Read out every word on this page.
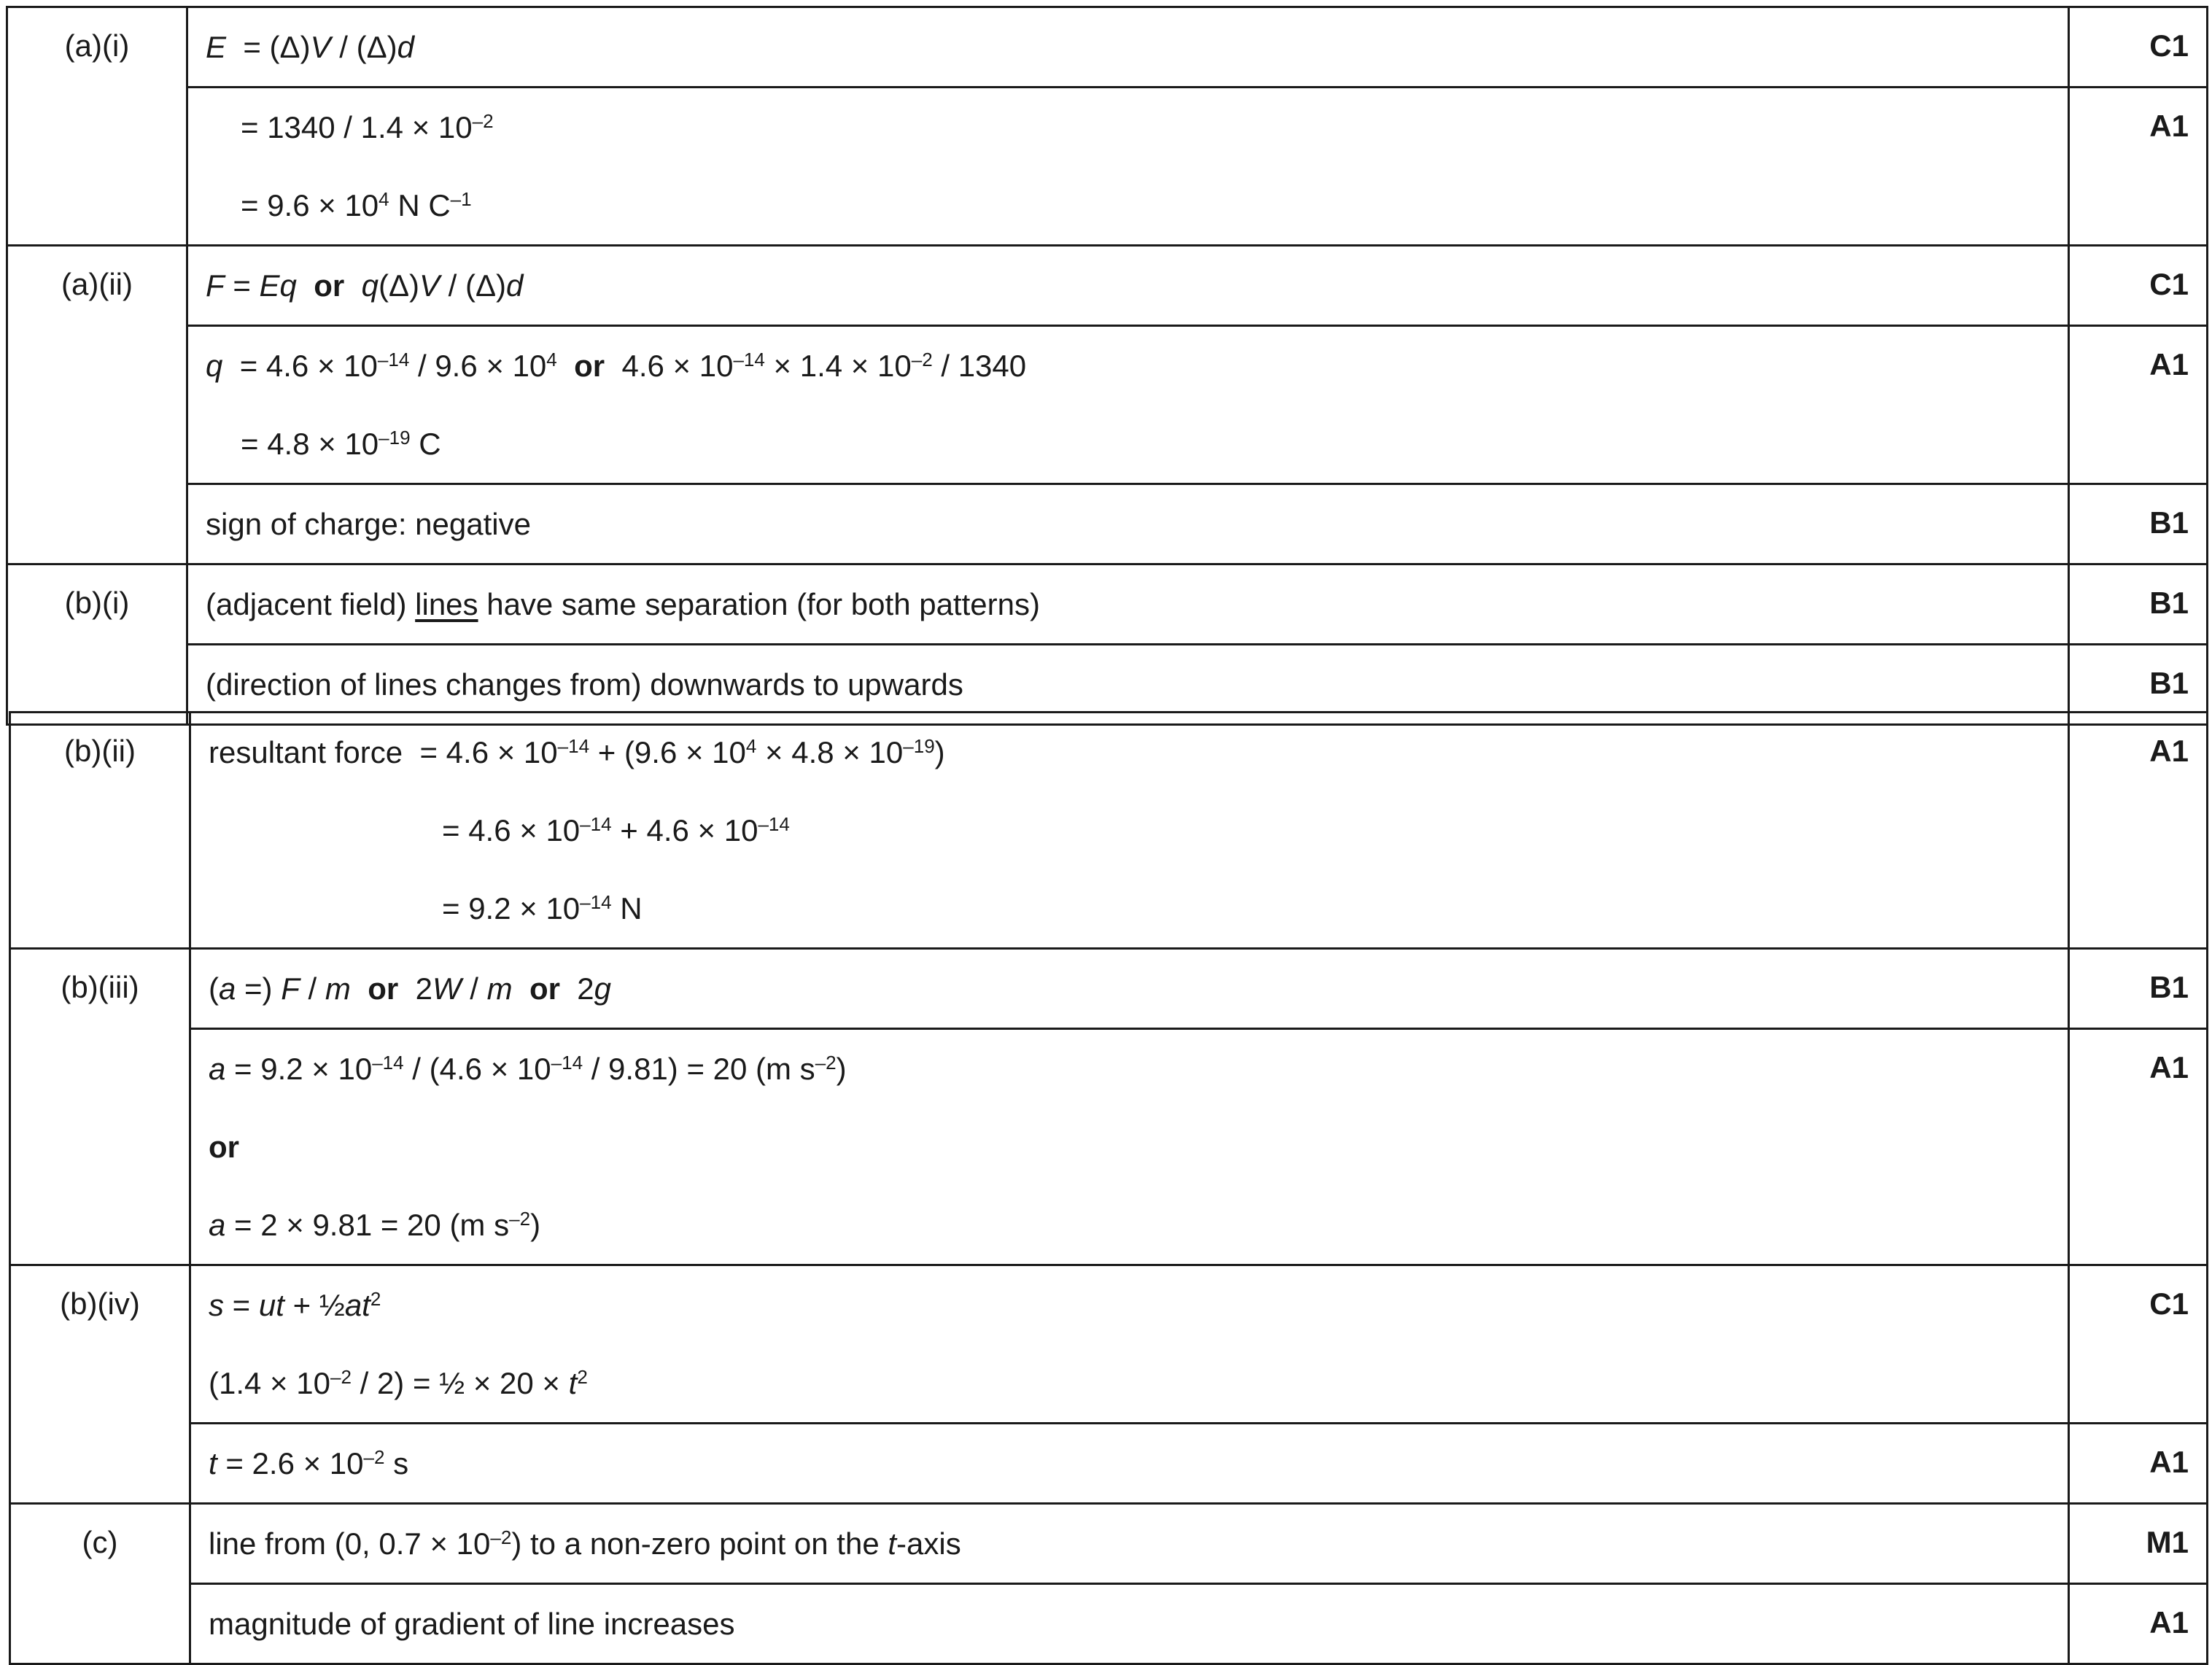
(a)(i)	E  = (Δ)V / (Δ)d	C1

	= $1340 / 1.4 \times 10^{-2}$
= $9.6 \times 10^4$ N $C^{-1}$	A1
(a)(ii)	F = Eq or q(Δ)V / (Δ)d	C1

	$q = 4.6 \times 10^{-14} / 9.6 \times 10^4$ or  $4.6 \times 10^{-14} \times 1.4 \times 10^{-2} / 1340$
= $4.8 \times 10^{-19}$ C	A1

	sign of charge: negative	B1
(b)(i)	(adjacent field) lines have same separation (for both patterns)	B1

	(direction of lines changes from) downwards to upwards	B1
(b)(ii)	resultant force  = $4.6 \times 10^{-14} + (9.6 \times 10^4 \times 4.8 \times 10^{-19})$
= $4.6 \times 10^{-14} + 4.6 \times 10^{-14}$
= $9.2 \times 10^{-14}$ N	A1
(b)(iii)	(a =) F / m or  2W / m or  2g	B1

	$a = 9.2 \times 10^{-14} / (4.6 \times 10^{-14} / 9.81) = 20$ (m $s^{-2}$)
or
a = 2 × 9.81 = 20 (m $s^{-2}$)	A1
(b)(iv)	s = ut + $\frac{1}{2}at^2$
$(1.4 \times 10^{-2} / 2)$ = ½ × $20 \times t^2$	C1

	$t = 2.6 \times 10^{-2}$ s	A1
(c)	line from (0, $0.7 \times 10^{-2}$) to a non-zero point on the t-axis	M1

	magnitude of gradient of line increases	A1
